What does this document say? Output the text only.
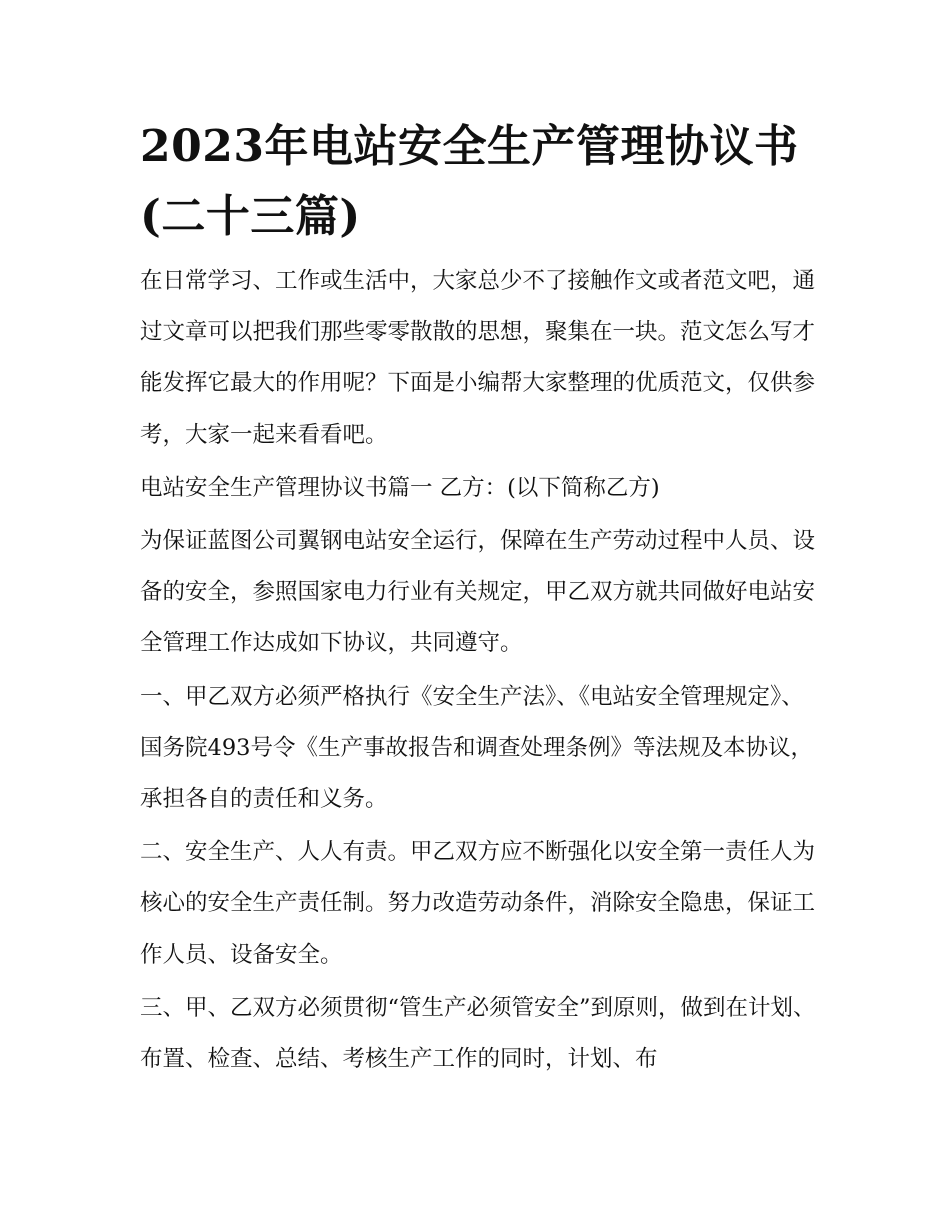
2023年电站安全生产管理协议书(二十三篇)

在日常学习、工作或生活中，大家总少不了接触作文或者范文吧，通过文章可以把我们那些零零散散的思想，聚集在一块。范文怎么写才能发挥它最大的作用呢？下面是小编帮大家整理的优质范文，仅供参考，大家一起来看看吧。

电站安全生产管理协议书篇一 乙方：(以下简称乙方)

为保证蓝图公司翼钢电站安全运行，保障在生产劳动过程中人员、设备的安全，参照国家电力行业有关规定，甲乙双方就共同做好电站安全管理工作达成如下协议，共同遵守。

一、甲乙双方必须严格执行《安全生产法》、《电站安全管理规定》、国务院493号令《生产事故报告和调查处理条例》等法规及本协议，承担各自的责任和义务。

二、安全生产、人人有责。甲乙双方应不断强化以安全第一责任人为核心的安全生产责任制。努力改造劳动条件，消除安全隐患，保证工作人员、设备安全。

三、甲、乙双方必须贯彻“管生产必须管安全”到原则，做到在计划、布置、检查、总结、考核生产工作的同时，计划、布
